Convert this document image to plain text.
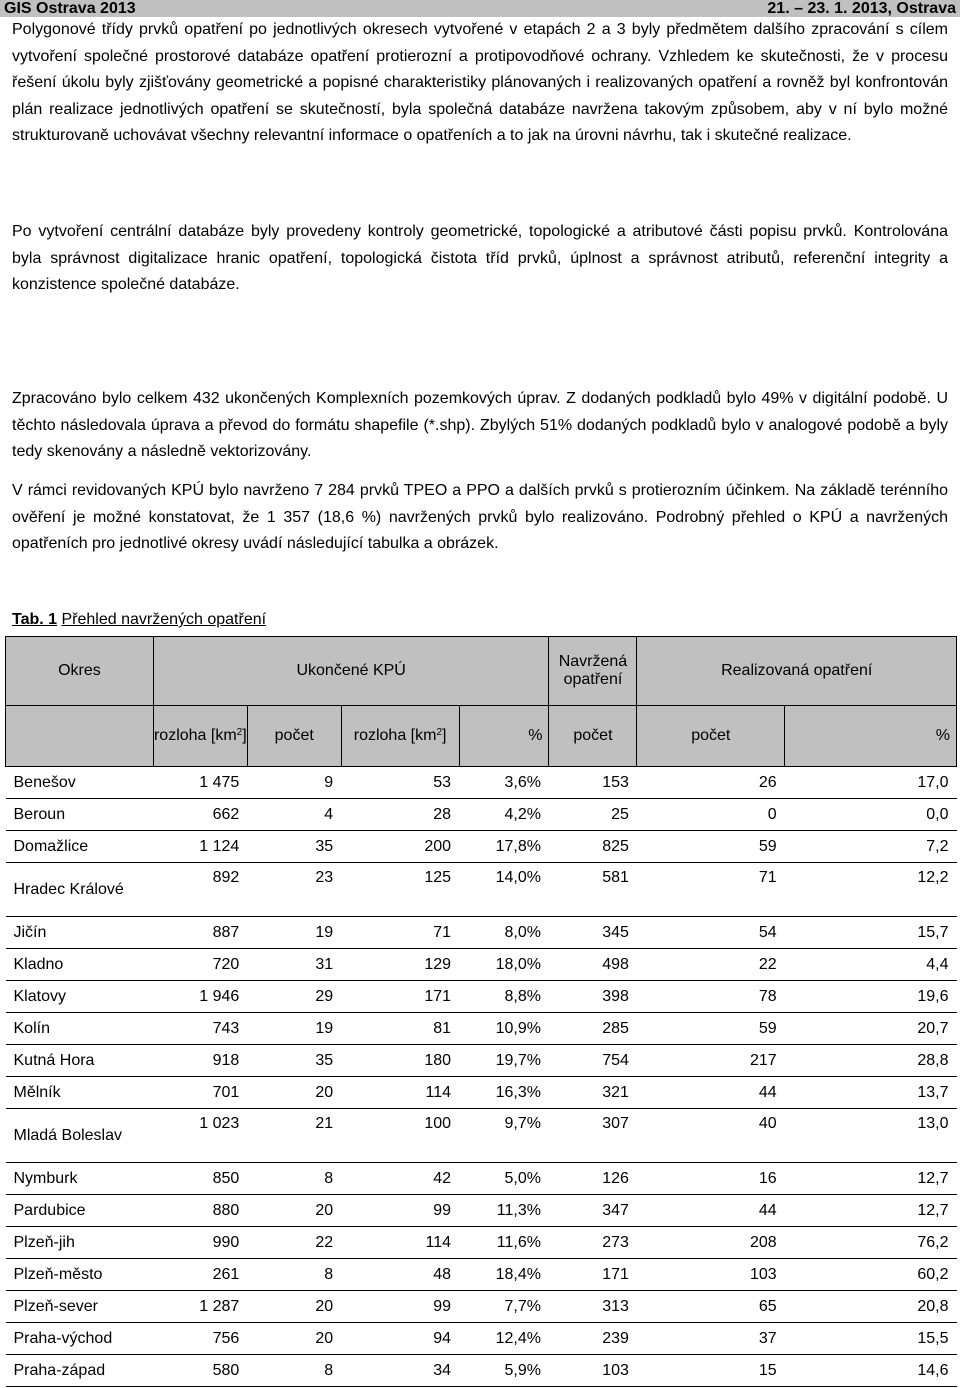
GIS Ostrava 2013	21. – 23. 1. 2013, Ostrava
Polygonové třídy prvků opatření po jednotlivých okresech vytvořené v etapách 2 a 3 byly předmětem dalšího zpracování s cílem vytvoření společné prostorové databáze opatření protierozní a protipovodňové ochrany. Vzhledem ke skutečnosti, že v procesu řešení úkolu byly zjišťovány geometrické a popisné charakteristiky plánovaných i realizovaných opatření a rovněž byl konfrontován plán realizace jednotlivých opatření se skutečností, byla společná databáze navržena takovým způsobem, aby v ní bylo možné strukturovaně uchovávat všechny relevantní informace o opatřeních a to jak na úrovni návrhu, tak i skutečné realizace.
Po vytvoření centrální databáze byly provedeny kontroly geometrické, topologické a atributové části popisu prvků. Kontrolována byla správnost digitalizace hranic opatření, topologická čistota tříd prvků, úplnost a správnost atributů, referenční integrity a konzistence společné databáze.
Zpracováno bylo celkem 432 ukončených Komplexních pozemkových úprav. Z dodaných podkladů bylo 49% v digitální podobě. U těchto následovala úprava a převod do formátu shapefile (*.shp). Zbylých 51% dodaných podkladů bylo v analogové podobě a byly tedy skenovány a následně vektorizovány.
V rámci revidovaných KPÚ bylo navrženo 7 284 prvků TPEO a PPO a dalších prvků s protierozním účinkem. Na základě terénního ověření je možné konstatovat, že 1 357 (18,6 %) navržených prvků bylo realizováno. Podrobný přehled o KPÚ a navržených opatřeních pro jednotlivé okresy uvádí následující tabulka a obrázek.
Tab. 1 Přehled navržených opatření
Okres	Ukončené KPÚ				Navržená opatření	Realizovaná opatření	
	rozloha $[km^2]$	počet	rozloha $[km^2]$	%	počet	počet	%
Benešov	1 475	9	53	3,6%	153	26	17,0
Beroun	662	4	28	4,2%	25	0	0,0
Domažlice	1 124	35	200	17,8%	825	59	7,2
Hradec Králové	892	23	125	14,0%	581	71	12,2
Jičín	887	19	71	8,0%	345	54	15,7
Kladno	720	31	129	18,0%	498	22	4,4
Klatovy	1 946	29	171	8,8%	398	78	19,6
Kolín	743	19	81	10,9%	285	59	20,7
Kutná Hora	918	35	180	19,7%	754	217	28,8
Mělník	701	20	114	16,3%	321	44	13,7
Mladá Boleslav	1 023	21	100	9,7%	307	40	13,0
Nymburk	850	8	42	5,0%	126	16	12,7
Pardubice	880	20	99	11,3%	347	44	12,7
Plzeň-jih	990	22	114	11,6%	273	208	76,2
Plzeň-město	261	8	48	18,4%	171	103	60,2
Plzeň-sever	1 287	20	99	7,7%	313	65	20,8
Praha-východ	756	20	94	12,4%	239	37	15,5
Praha-západ	580	8	34	5,9%	103	15	14,6
